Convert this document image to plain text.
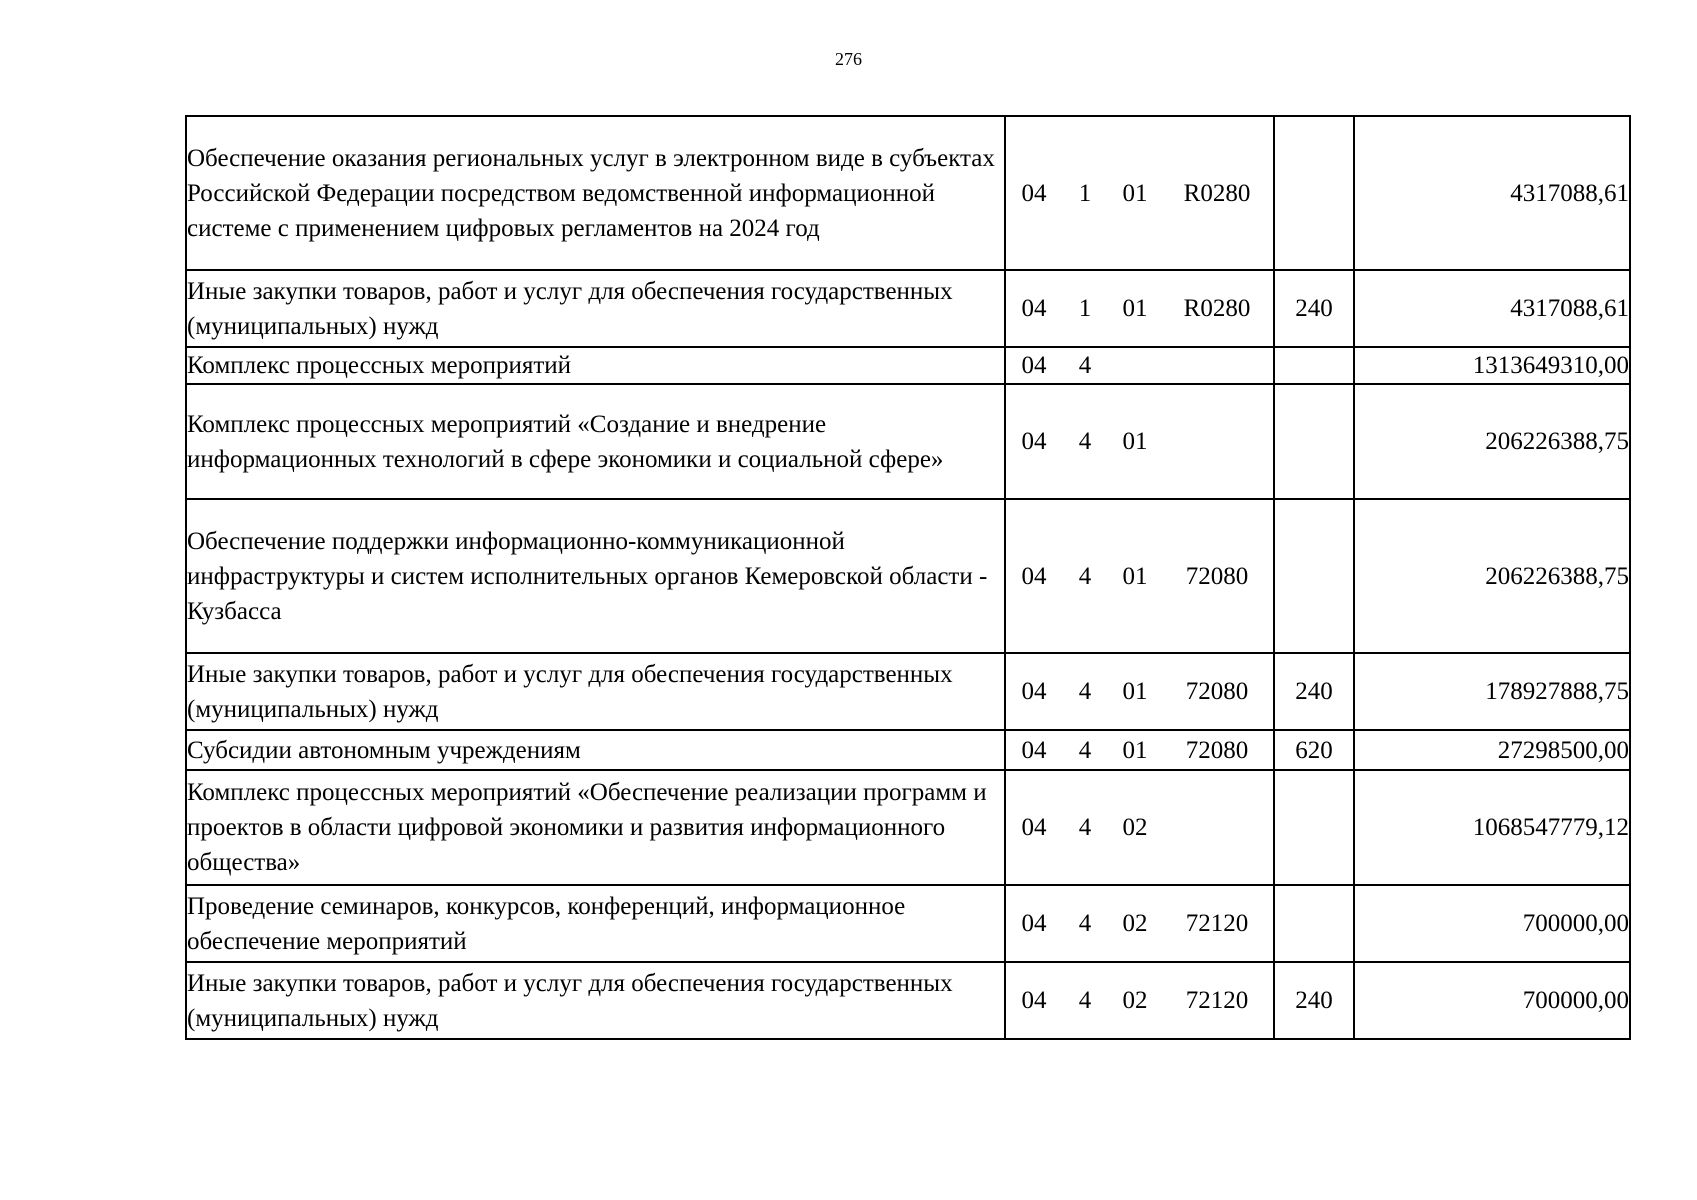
276
Обеспечение оказания региональных услуг в электронном виде в субъектах Российской Федерации посредством ведомственной информационной системе с применением цифровых регламентов на 2024 год	04 1 01 R0280		4317088,61
Иные закупки товаров, работ и услуг для обеспечения государственных (муниципальных) нужд	04 1 01 R0280	240	4317088,61
Комплекс процессных мероприятий	04 4		1313649310,00
Комплекс процессных мероприятий «Создание и внедрение информационных технологий в сфере экономики и социальной сфере»	04 4 01		206226388,75
Обеспечение поддержки информационно-коммуникационной инфраструктуры и систем исполнительных органов Кемеровской области - Кузбасса	04 4 01 72080		206226388,75
Иные закупки товаров, работ и услуг для обеспечения государственных (муниципальных) нужд	04 4 01 72080	240	178927888,75
Субсидии автономным учреждениям	04 4 01 72080	620	27298500,00
Комплекс процессных мероприятий «Обеспечение реализации программ и проектов в области цифровой экономики и развития информационного общества»	04 4 02		1068547779,12
Проведение семинаров, конкурсов, конференций, информационное обеспечение мероприятий	04 4 02 72120		700000,00
Иные закупки товаров, работ и услуг для обеспечения государственных (муниципальных) нужд	04 4 02 72120	240	700000,00
